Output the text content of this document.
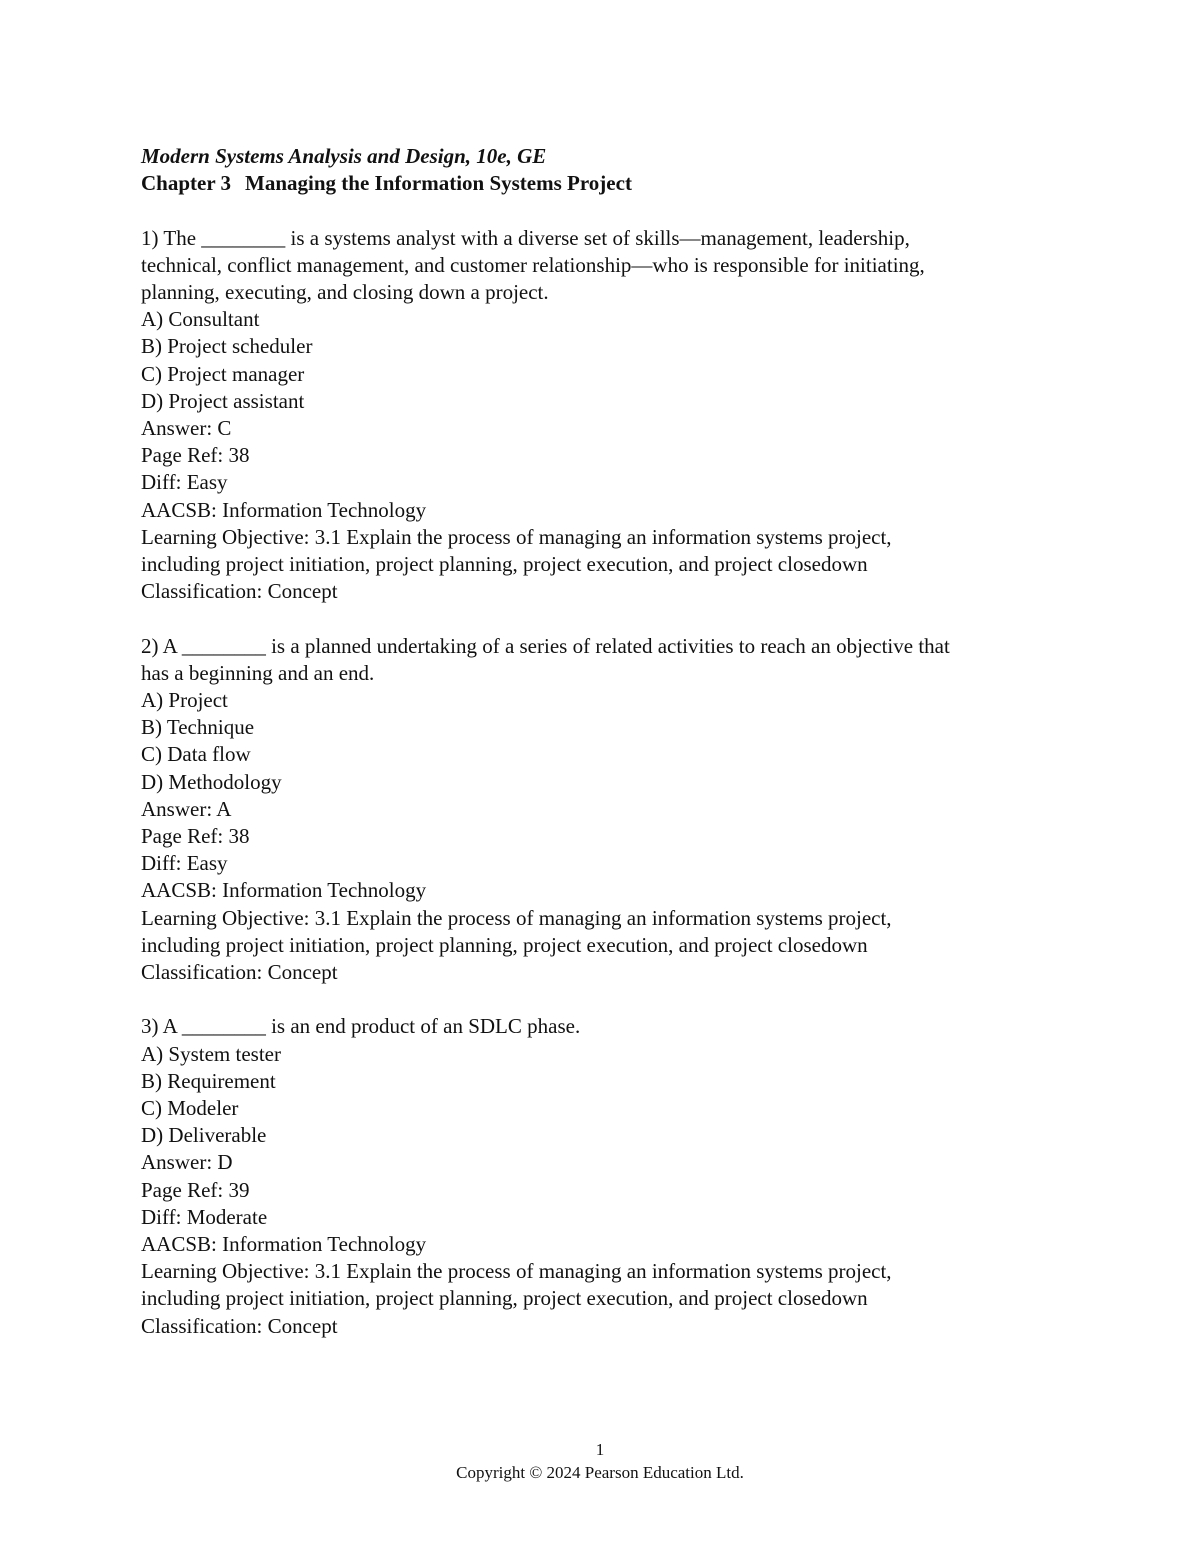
Modern Systems Analysis and Design, 10e, GE
Chapter 3 Managing the Information Systems Project
1) The ________ is a systems analyst with a diverse set of skills—management, leadership,
technical, conflict management, and customer relationship—who is responsible for initiating,
planning, executing, and closing down a project.
A) Consultant
B) Project scheduler
C) Project manager
D) Project assistant
Answer: C
Page Ref: 38
Diff: Easy
AACSB: Information Technology
Learning Objective: 3.1 Explain the process of managing an information systems project,
including project initiation, project planning, project execution, and project closedown
Classification: Concept
2) A ________ is a planned undertaking of a series of related activities to reach an objective that
has a beginning and an end.
A) Project
B) Technique
C) Data flow
D) Methodology
Answer: A
Page Ref: 38
Diff: Easy
AACSB: Information Technology
Learning Objective: 3.1 Explain the process of managing an information systems project,
including project initiation, project planning, project execution, and project closedown
Classification: Concept
3) A ________ is an end product of an SDLC phase.
A) System tester
B) Requirement
C) Modeler
D) Deliverable
Answer: D
Page Ref: 39
Diff: Moderate
AACSB: Information Technology
Learning Objective: 3.1 Explain the process of managing an information systems project,
including project initiation, project planning, project execution, and project closedown
Classification: Concept
1
Copyright © 2024 Pearson Education Ltd.
